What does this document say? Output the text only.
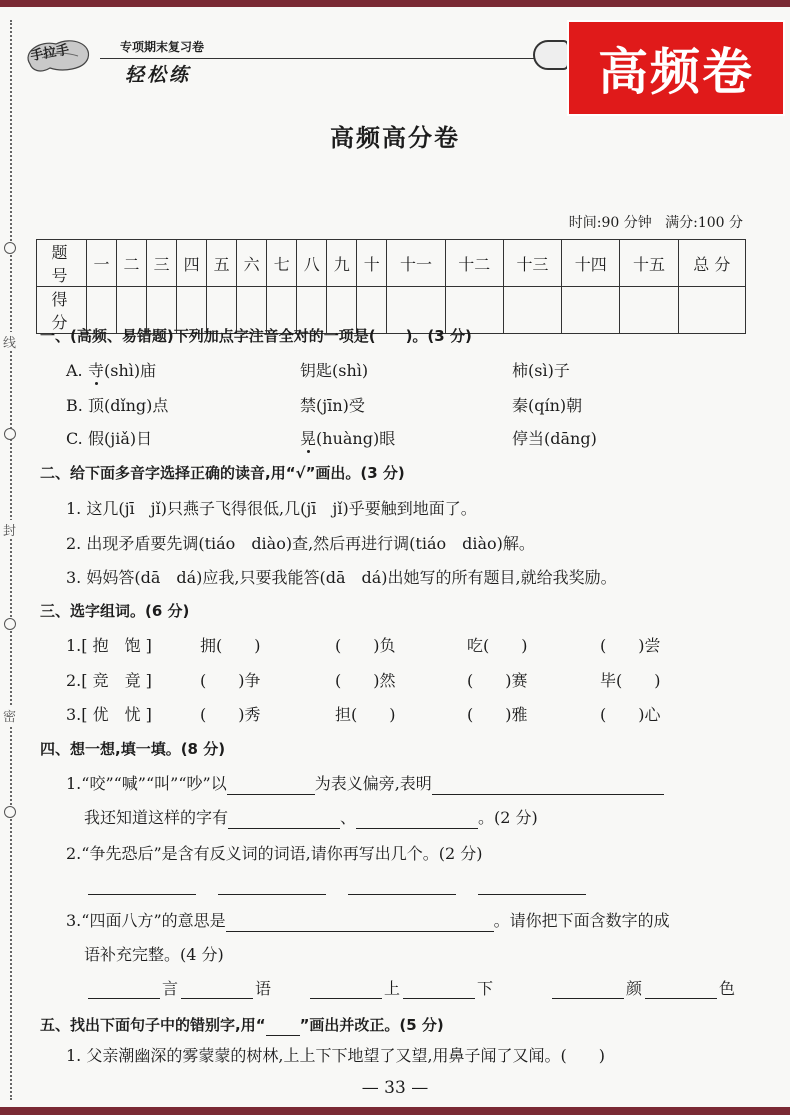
线
封
密
手拉手	专项期末复习卷
轻松练	高频卷
高频高分卷
时间:90 分钟 满分:100 分
题 号	一	二	三	四	五	六	七	八	九	十	十一	十二	十三	十四	十五	总 分
得 分																
一、(高频、易错题)下列加点字注音全对的一项是(　　)。(3 分)
A. 寺(shì)庙	钥匙(shì)	柿(sì)子
B. 顶(dǐng)点	禁(jīn)受	秦(qín)朝
C. 假(jiǎ)日	晃(huàng)眼	停当(dāng)
二、给下面多音字选择正确的读音,用“√”画出。(3 分)
1. 这几(jī　jǐ)只燕子飞得很低,几(jī　jǐ)乎要触到地面了。
2. 出现矛盾要先调(tiáo　diào)查,然后再进行调(tiáo　diào)解。
3. 妈妈答(dā　dá)应我,只要我能答(dā　dá)出她写的所有题目,就给我奖励。
三、选字组词。(6 分)
1.[ 抱　饱 ]	拥(　　)	(　　)负	吃(　　)	(　　)尝
2.[ 竞　竟 ]	(　　)争	(　　)然	(　　)赛	毕(　　)
3.[ 优　忧 ]	(　　)秀	担(　　)	(　　)雅	(　　)心
四、想一想,填一填。(8 分)
1.“咬”“喊”“叫”“吵”以	为表义偏旁,表明
我还知道这样的字有	、	。(2 分)
2.“争先恐后”是含有反义词的词语,请你再写出几个。(2 分)
3.“四面八方”的意思是	。请你把下面含数字的成
语补充完整。(4 分)
言	语	上	下	颜	色
五、找出下面句子中的错别字,用“ ”画出并改正。(5 分)
1. 父亲潮幽深的雾蒙蒙的树林,上上下下地望了又望,用鼻子闻了又闻。(　　)
— 33 —
